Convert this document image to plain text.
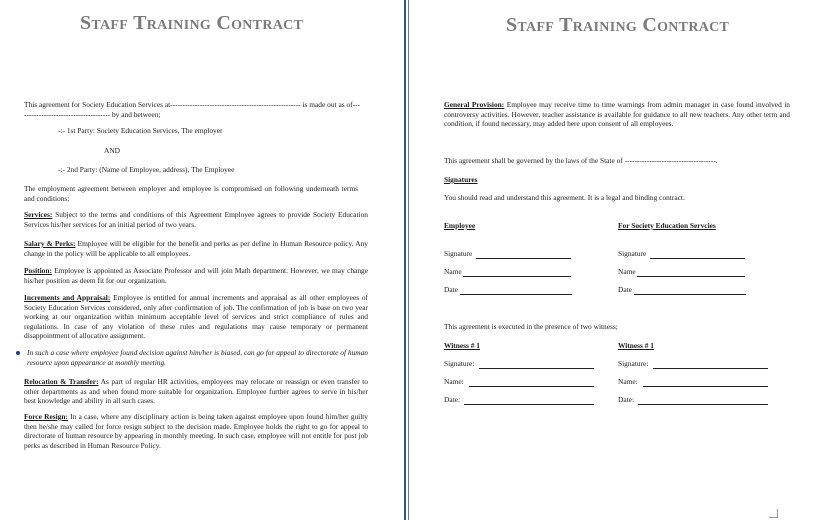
Staff Training Contract
This agreement for Society Education Services at----------------------------------------------------- is made out as of-------------------------------------- by and between;
-:- 1st Party: Society Education Services, The employer
AND
-:- 2nd Party: (Name of Employee, address), The Employee
The employment agreement between employer and employee is compromised on following underneath terms and conditions;
Services: Subject to the terms and conditions of this Agreement Employee agrees to provide Society Education Services his/her services for an initial period of two years.
Salary & Perks: Employee will be eligible for the benefit and perks as per define in Human Resource policy. Any change in the policy will be applicable to all employees.
Position: Employee is appointed as Associate Professor and will join Math department. However, we may change his/her position as deem fit for our organization.
Increments and Appraisal: Employee is entitled for annual increments and appraisal as all other employees of Society Education Services considered, only after confirmation of job. The confirmation of job is base on two year working at our organization within minimum acceptable level of services and strict compliance of rules and regulations. In case of any violation of these rules and regulations may cause temporary or permanent disappointment of allocative assignment.
In such a case where employee found decision against him/her is biased, can go for appeal to directorate of human resource upon appearance at monthly meeting.
Relocation & Transfer: As part of regular HR activities, employees may relocate or reassign or even transfer to other departments as and when found more suitable for organization. Employee further agrees to serve in his/her best knowledge and ability in all such cases.
Force Resign: In a case, where any disciplinary action is being taken against employee upon found him/her guilty then he/she may called for force resign subject to the decision made. Employee holds the right to go for appeal to directorate of human resource by appearing in monthly meeting. In such case, employee will not entitle for post job perks as described in Human Resource Policy.
Staff Training Contract
General Provision: Employee may receive time to time warnings from admin manager in case found involved in controversy activities. However, teacher assistance is available for guidance to all new teachers. Any other term and condition, if found necessary, may added here upon consent of all employees.
This agreement shall be governed by the laws of the State of -------------------------------------.
Signatures
You should read and understand this agreement. It is a legal and binding contract.
Employee	For Society Education Servcies
Signature
Name
Date
Signature
Name
Date
This agreement is executed in the presence of two witness;
Witness # 1	Witness # 1
Signature:
Name:
Date:
Signature:
Name:
Date:
